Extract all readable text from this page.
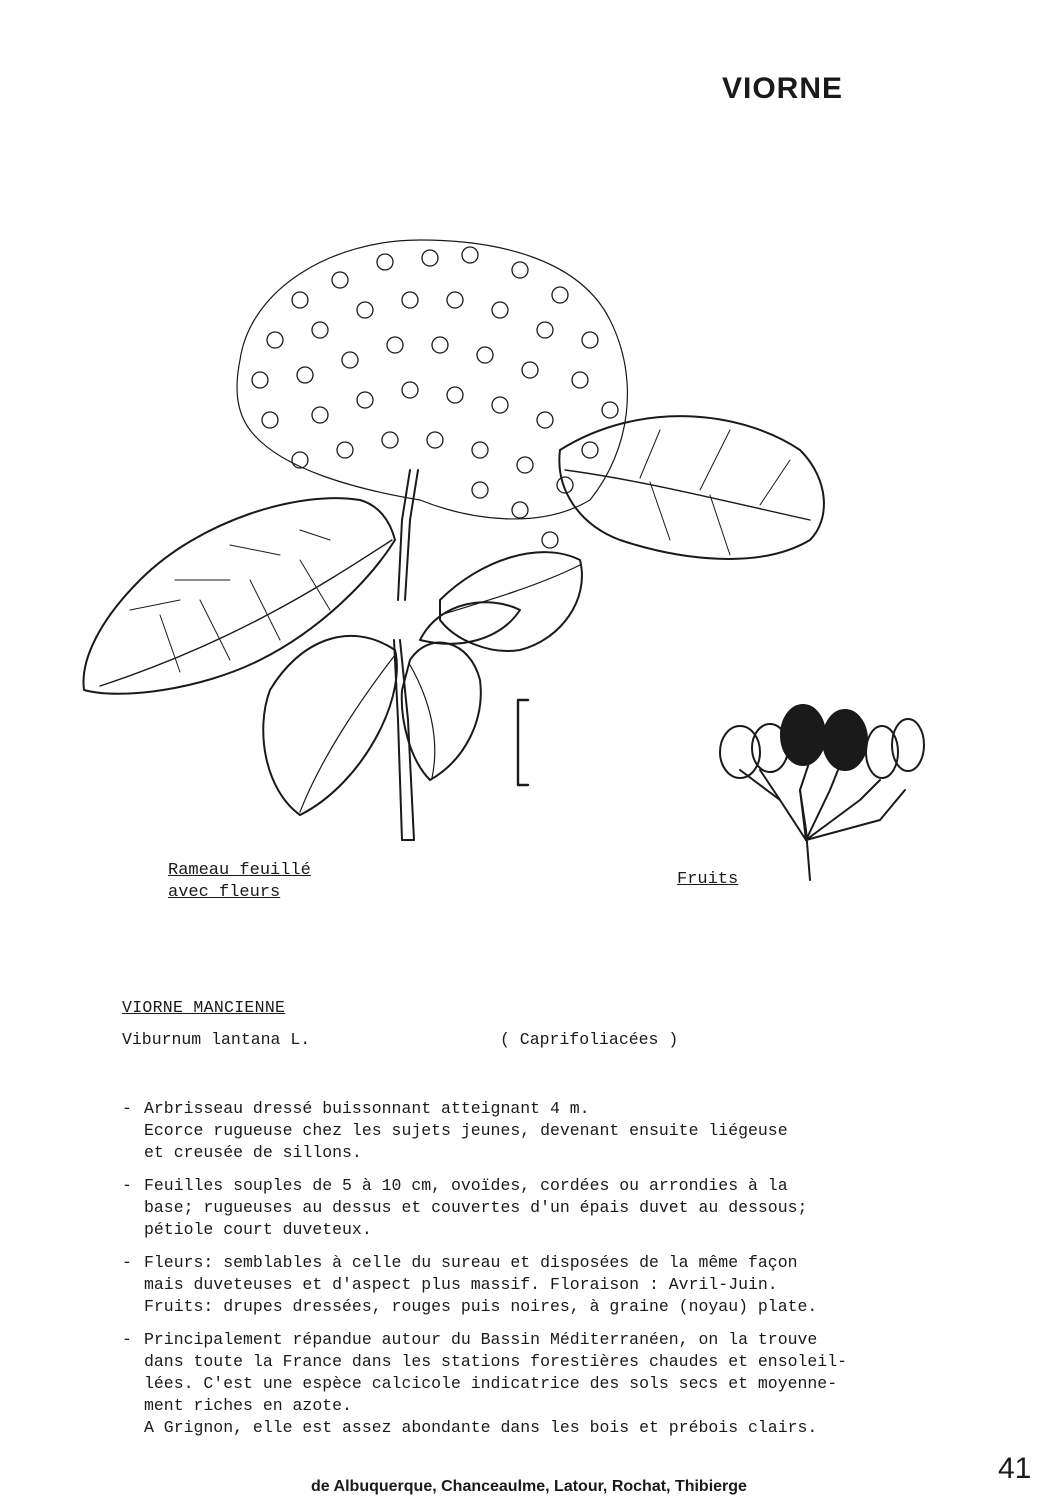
VIORNE
Rameau feuillé
avec fleurs
Fruits
VIORNE MANCIENNE
Viburnum lantana L.	( Caprifoliacées )
- Arbrisseau dressé buissonnant atteignant 4 m.
Ecorce rugueuse chez les sujets jeunes, devenant ensuite liégeuse
et creusée de sillons.
- Feuilles souples de 5 à 10 cm, ovoïdes, cordées ou arrondies à la
base; rugueuses au dessus et couvertes d'un épais duvet au dessous;
pétiole court duveteux.
- Fleurs: semblables à celle du sureau et disposées de la même façon
mais duveteuses et d'aspect plus massif. Floraison : Avril-Juin.
Fruits: drupes dressées, rouges puis noires, à graine (noyau) plate.
- Principalement répandue autour du Bassin Méditerranéen, on la trouve
dans toute la France dans les stations forestières chaudes et ensoleil-
lées. C'est une espèce calcicole indicatrice des sols secs et moyenne-
ment riches en azote.
A Grignon, elle est assez abondante dans les bois et prébois clairs.
de Albuquerque, Chanceaulme, Latour, Rochat, Thibierge
41
